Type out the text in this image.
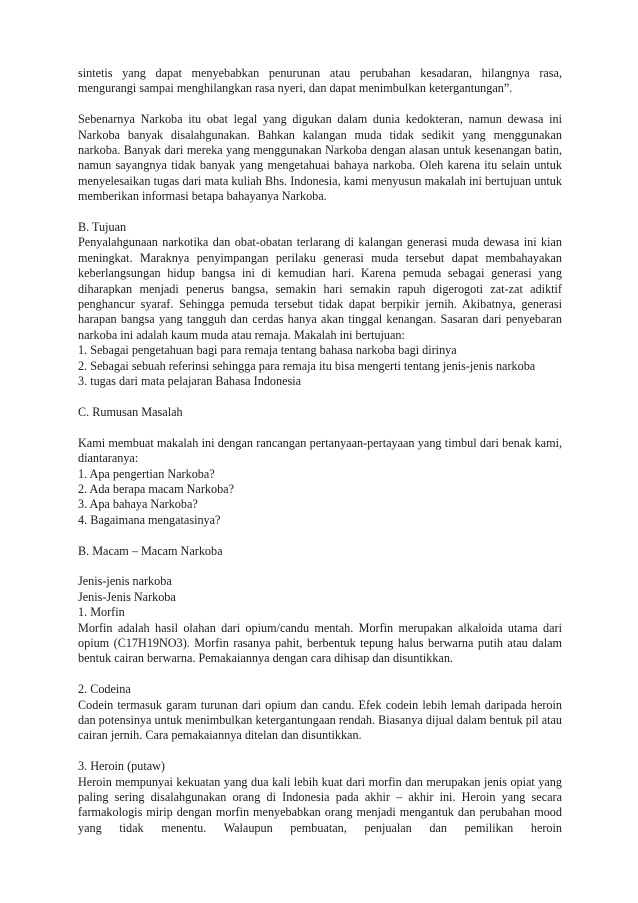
sintetis yang dapat menyebabkan penurunan atau perubahan kesadaran, hilangnya rasa, mengurangi sampai menghilangkan rasa nyeri, dan dapat menimbulkan ketergantungan”.

Sebenarnya Narkoba itu obat legal yang digukan dalam dunia kedokteran, namun dewasa ini Narkoba banyak disalahgunakan. Bahkan kalangan muda tidak sedikit yang menggunakan narkoba. Banyak dari mereka yang menggunakan Narkoba dengan alasan untuk kesenangan batin, namun sayangnya tidak banyak yang mengetahuai bahaya narkoba. Oleh karena itu selain untuk menyelesaikan tugas dari mata kuliah Bhs. Indonesia, kami menyusun makalah ini bertujuan untuk memberikan informasi betapa bahayanya Narkoba.

B. Tujuan

Penyalahgunaan narkotika dan obat-obatan terlarang di kalangan generasi muda dewasa ini kian meningkat. Maraknya penyimpangan perilaku generasi muda tersebut dapat membahayakan keberlangsungan hidup bangsa ini di kemudian hari. Karena pemuda sebagai generasi yang diharapkan menjadi penerus bangsa, semakin hari semakin rapuh digerogoti zat-zat adiktif penghancur syaraf. Sehingga pemuda tersebut tidak dapat berpikir jernih. Akibatnya, generasi harapan bangsa yang tangguh dan cerdas hanya akan tinggal kenangan. Sasaran dari penyebaran narkoba ini adalah kaum muda atau remaja. Makalah ini bertujuan:

1. Sebagai pengetahuan bagi para remaja tentang bahasa narkoba bagi dirinya
2. Sebagai sebuah referinsi sehingga para remaja itu bisa mengerti tentang jenis-jenis narkoba
3. tugas dari mata pelajaran Bahasa Indonesia

C. Rumusan Masalah

Kami membuat makalah ini dengan rancangan pertanyaan-pertayaan yang timbul dari benak kami, diantaranya:

1. Apa pengertian Narkoba?
2. Ada berapa macam Narkoba?
3. Apa bahaya Narkoba?
4. Bagaimana mengatasinya?

B. Macam – Macam Narkoba

Jenis-jenis narkoba
Jenis-Jenis Narkoba
1. Morfin

Morfin adalah hasil olahan dari opium/candu mentah. Morfin merupakan alkaloida utama dari opium (C17H19NO3). Morfin rasanya pahit, berbentuk tepung halus berwarna putih atau dalam bentuk cairan berwarna. Pemakaiannya dengan cara dihisap dan disuntikkan.

2. Codeina

Codein termasuk garam turunan dari opium dan candu. Efek codein lebih lemah daripada heroin dan potensinya untuk menimbulkan ketergantungaan rendah. Biasanya dijual dalam bentuk pil atau cairan jernih. Cara pemakaiannya ditelan dan disuntikkan.

3. Heroin (putaw)

Heroin mempunyai kekuatan yang dua kali lebih kuat dari morfin dan merupakan jenis opiat yang paling sering disalahgunakan orang di Indonesia pada akhir – akhir ini. Heroin yang secara farmakologis mirip dengan morfin menyebabkan orang menjadi mengantuk dan perubahan mood yang tidak menentu. Walaupun pembuatan, penjualan dan pemilikan heroin
